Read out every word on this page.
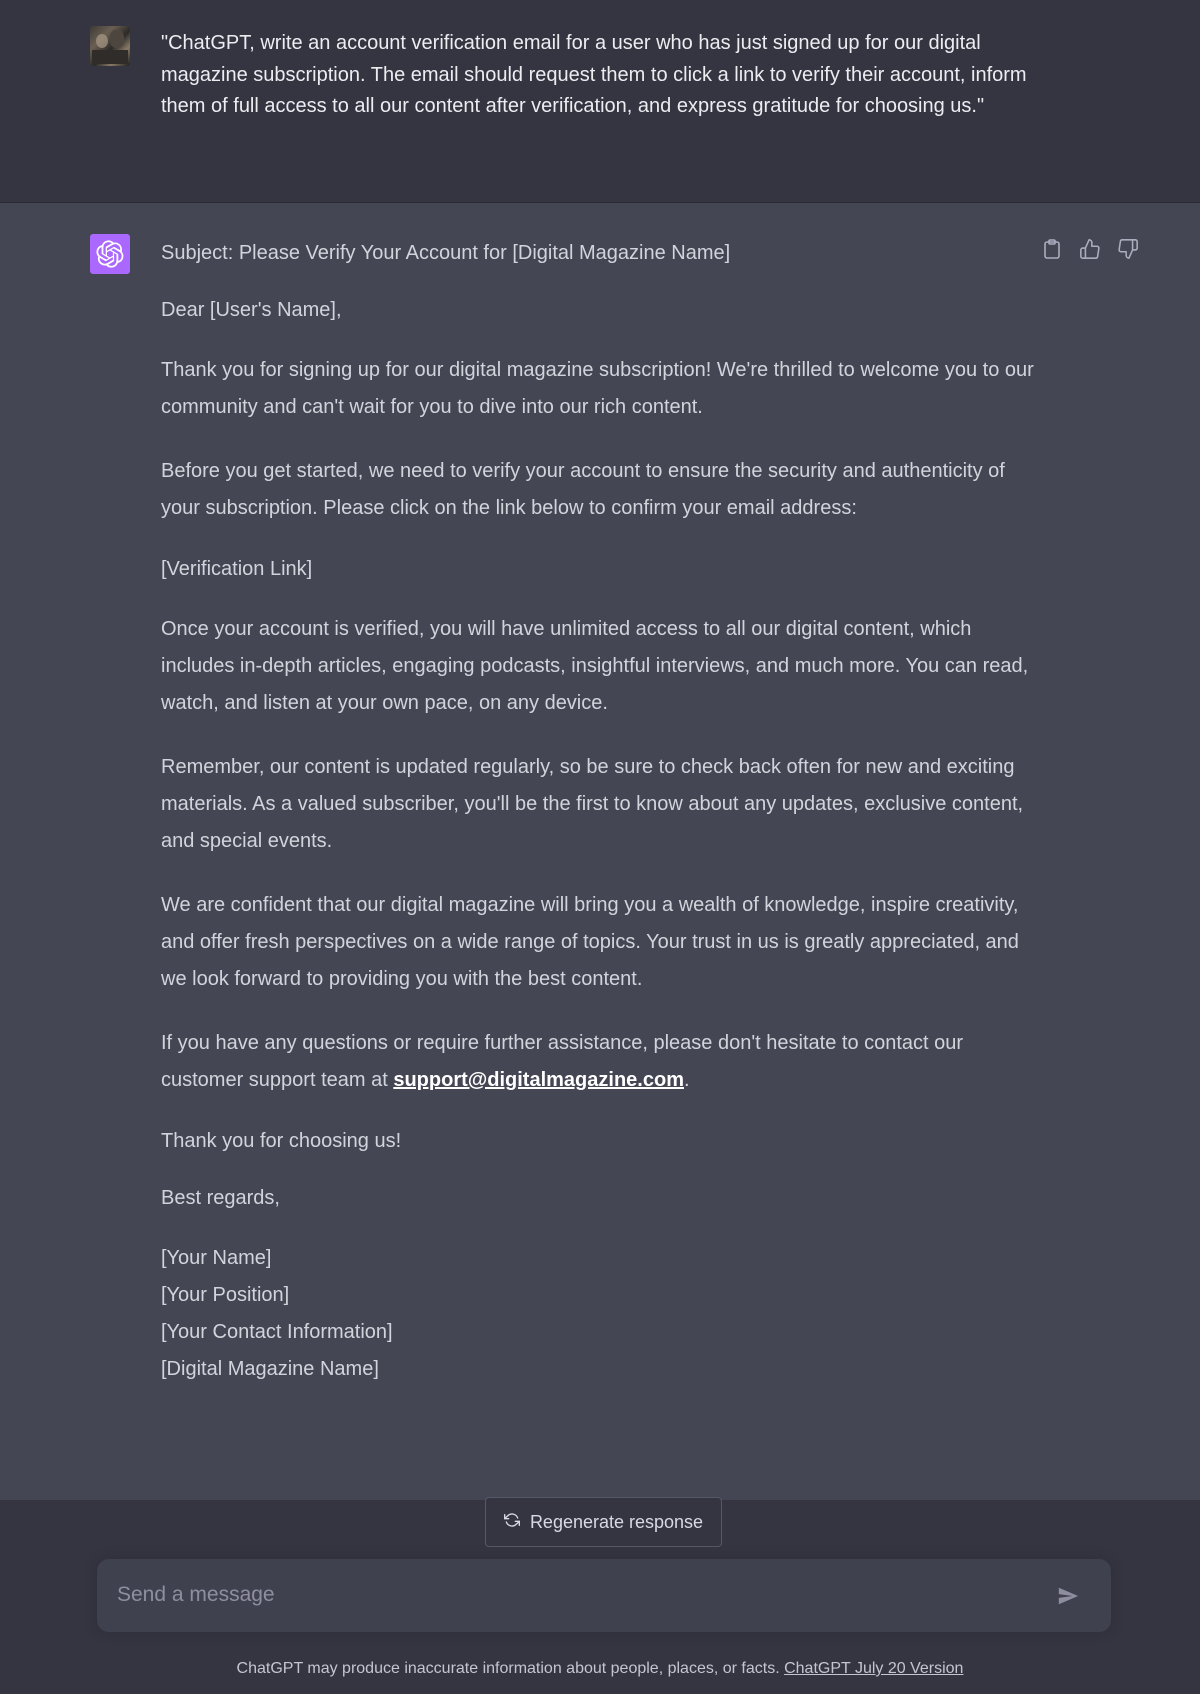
"ChatGPT, write an account verification email for a user who has just signed up for our digital magazine subscription. The email should request them to click a link to verify their account, inform them of full access to all our content after verification, and express gratitude for choosing us."

Subject: Please Verify Your Account for [Digital Magazine Name]

Dear [User's Name],

Thank you for signing up for our digital magazine subscription! We're thrilled to welcome you to our community and can't wait for you to dive into our rich content.

Before you get started, we need to verify your account to ensure the security and authenticity of your subscription. Please click on the link below to confirm your email address:

[Verification Link]

Once your account is verified, you will have unlimited access to all our digital content, which includes in-depth articles, engaging podcasts, insightful interviews, and much more. You can read, watch, and listen at your own pace, on any device.

Remember, our content is updated regularly, so be sure to check back often for new and exciting materials. As a valued subscriber, you'll be the first to know about any updates, exclusive content, and special events.

We are confident that our digital magazine will bring you a wealth of knowledge, inspire creativity, and offer fresh perspectives on a wide range of topics. Your trust in us is greatly appreciated, and we look forward to providing you with the best content.

If you have any questions or require further assistance, please don't hesitate to contact our customer support team at support@digitalmagazine.com.

Thank you for choosing us!

Best regards,

[Your Name]
[Your Position]
[Your Contact Information]
[Digital Magazine Name]

Regenerate response
Send a message
ChatGPT may produce inaccurate information about people, places, or facts. ChatGPT July 20 Version
